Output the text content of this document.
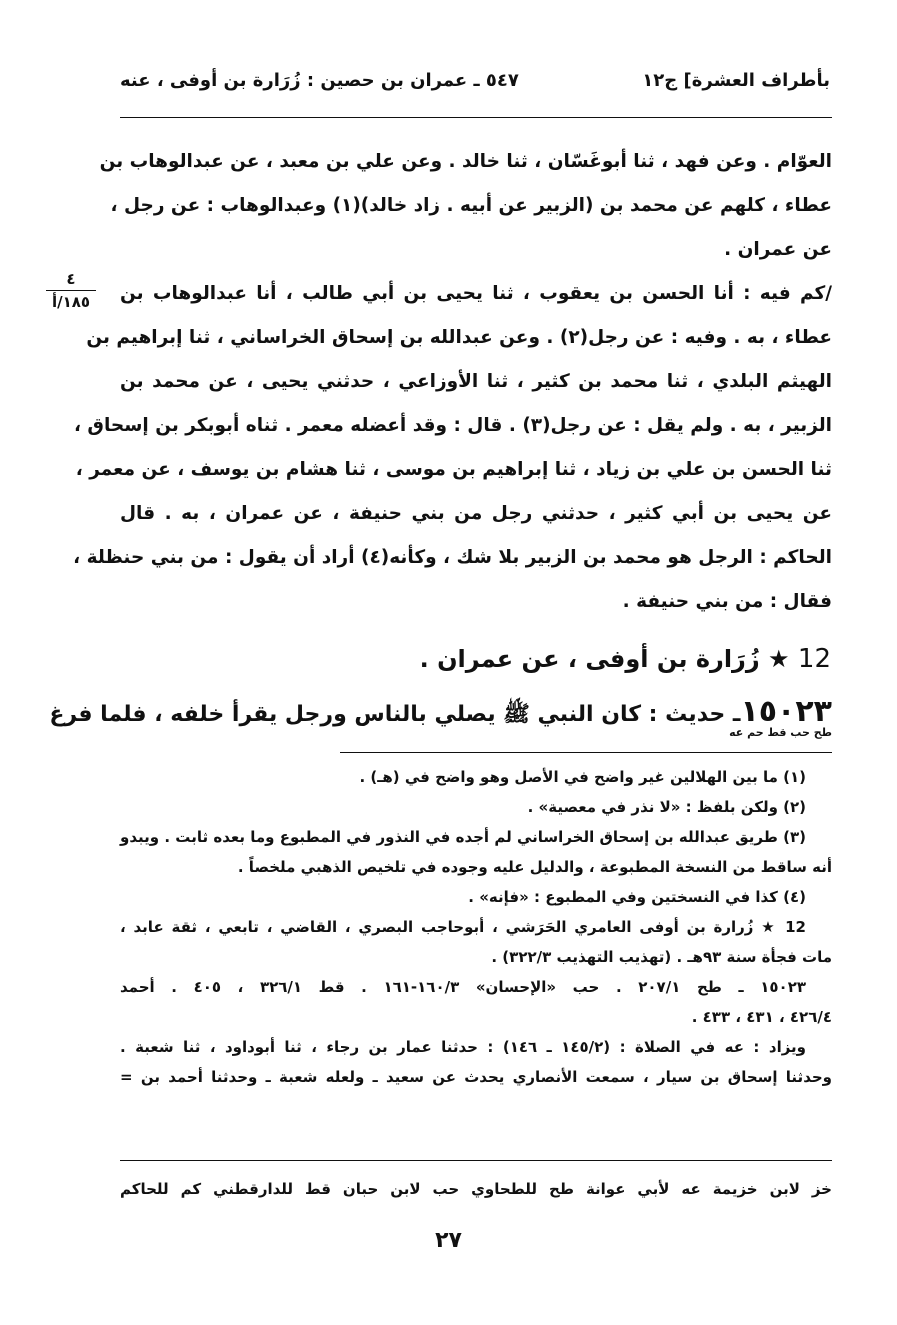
بأطراف العشرة] ج١٢
٥٤٧ ـ عمران بن حصين : زُرَارة بن أوفى ، عنه
٤
١٨٥/أ
العوّام . وعن فهد ، ثنا أبوغَسّان ، ثنا خالد . وعن علي بن معبد ، عن عبدالوهاب بن
عطاء ، كلهم عن محمد بن (الزبير عن أبيه . زاد خالد)(١) وعبدالوهاب : عن رجل ،
عن عمران .
/كم فيه : أنا الحسن بن يعقوب ، ثنا يحيى بن أبي طالب ، أنا عبدالوهاب بن
عطاء ، به . وفيه : عن رجل(٢) . وعن عبدالله بن إسحاق الخراساني ، ثنا إبراهيم بن
الهيثم البلدي ، ثنا محمد بن كثير ، ثنا الأوزاعي ، حدثني يحيى ، عن محمد بن
الزبير ، به . ولم يقل : عن رجل(٣) . قال : وقد أعضله معمر . ثناه أبوبكر بن إسحاق ،
ثنا الحسن بن علي بن زياد ، ثنا إبراهيم بن موسى ، ثنا هشام بن يوسف ، عن معمر ،
عن يحيى بن أبي كثير ، حدثني رجل من بني حنيفة ، عن عمران ، به . قال
الحاكم : الرجل هو محمد بن الزبير بلا شك ، وكأنه(٤) أراد أن يقول : من بني حنظلة ،
فقال : من بني حنيفة .
12 ★ زُرَارة بن أوفى ، عن عمران .
١٥٠٢٣ـ حديث : كان النبي ﷺ يصلي بالناس ورجل يقرأ خلفه ، فلما فرغ
طح حب قط حم عه
(١) ما بين الهلالين غير واضح في الأصل وهو واضح في (هـ) .
(٢) ولكن بلفظ : «لا نذر في معصية» .
(٣) طريق عبدالله بن إسحاق الخراساني لم أجده في النذور في المطبوع وما بعده ثابت . ويبدو
أنه ساقط من النسخة المطبوعة ، والدليل عليه وجوده في تلخيص الذهبي ملخصاً .
(٤) كذا في النسختين وفي المطبوع : «فإنه» .
12 ★ زُرارة بن أوفى العامري الحَرَشي ، أبوحاجب البصري ، القاضي ، تابعي ، ثقة عابد ،
مات فجأة سنة ٩٣هـ . (تهذيب التهذيب ٣٢٢/٣) .
١٥٠٢٣ ـ طح ٢٠٧/١ . حب «الإحسان» ١٦٠/٣-١٦١ . قط ٣٢٦/١ ، ٤٠٥ . أحمد
٤٢٦/٤ ، ٤٣١ ، ٤٣٣ .
ويزاد : عه في الصلاة : (١٤٥/٢ ـ ١٤٦) : حدثنا عمار بن رجاء ، ثنا أبوداود ، ثنا شعبة .
وحدثنا إسحاق بن سيار ، سمعت الأنصاري يحدث عن سعيد ـ ولعله شعبة ـ وحدثنا أحمد بن =
خز لابن خزيمة عه لأبي عوانة طح للطحاوي حب لابن حبان قط للدارقطني كم للحاكم
٢٧
